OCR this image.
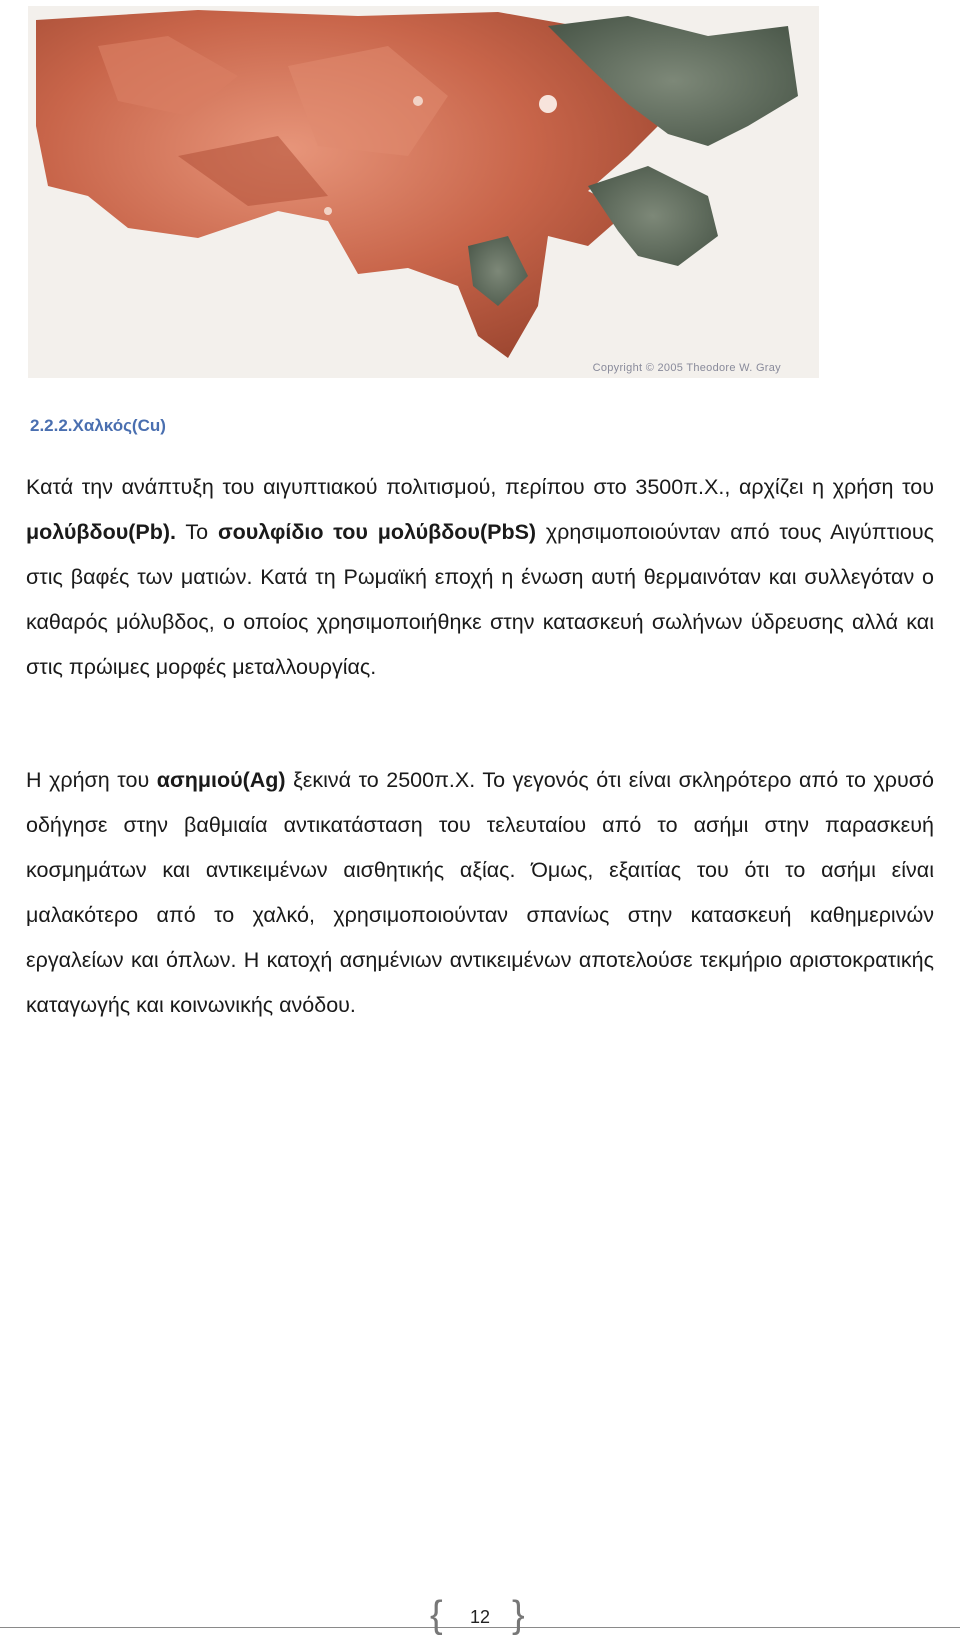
Copyright © 2005 Theodore W. Gray
2.2.2.Χαλκός(Cu)

Κατά την ανάπτυξη του αιγυπτιακού πολιτισμού, περίπου στο 3500π.Χ., αρχίζει η χρήση του μολύβδου(Pb). Το σουλφίδιο του μολύβδου(PbS) χρησιμοποιούνταν από τους Αιγύπτιους στις βαφές των ματιών. Κατά τη Ρωμαϊκή εποχή η ένωση αυτή θερμαινόταν και συλλεγόταν ο καθαρός μόλυβδος, ο οποίος χρησιμοποιήθηκε στην κατασκευή σωλήνων ύδρευσης αλλά και στις πρώιμες μορφές μεταλλουργίας.

Η χρήση του ασημιού(Ag) ξεκινά το 2500π.Χ. Το γεγονός ότι είναι σκληρότερο από το χρυσό οδήγησε στην βαθμιαία αντικατάσταση του τελευταίου από το ασήμι στην παρασκευή κοσμημάτων και αντικειμένων αισθητικής αξίας. Όμως, εξαιτίας του ότι το ασήμι είναι μαλακότερο από το χαλκό, χρησιμοποιούνταν σπανίως στην κατασκευή καθημερινών εργαλείων και όπλων. Η κατοχή ασημένιων αντικειμένων αποτελούσε τεκμήριο αριστοκρατικής καταγωγής και κοινωνικής ανόδου.

{ 12 }
